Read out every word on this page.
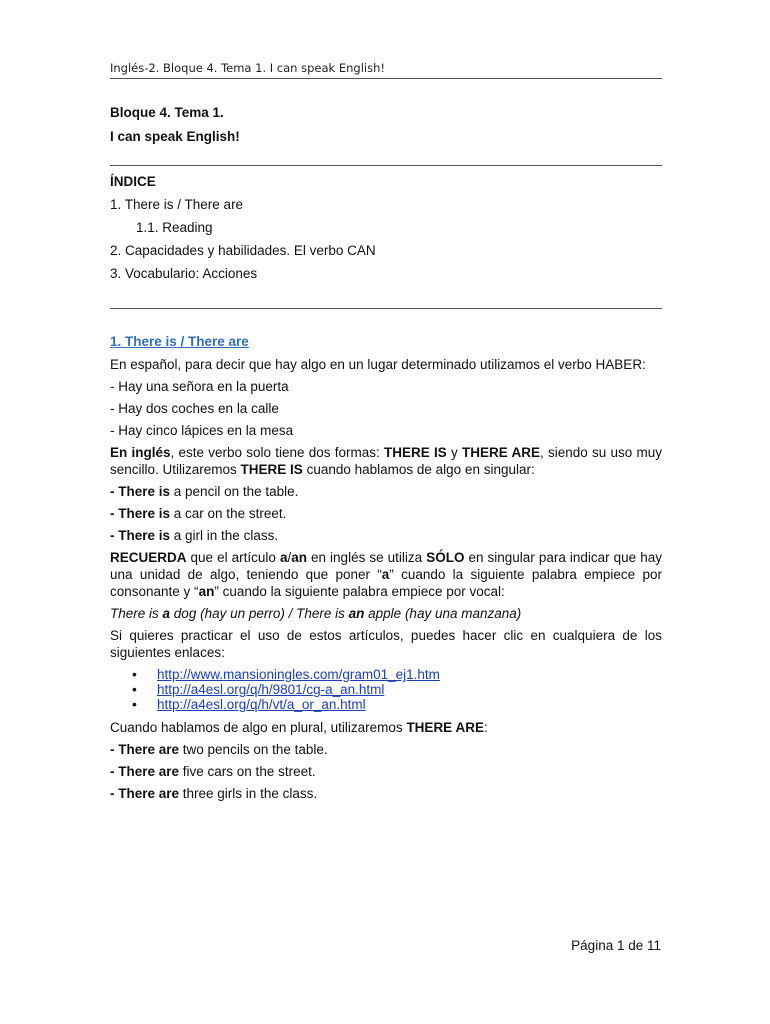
Inglés-2. Bloque 4. Tema 1. I can speak English!
Bloque 4. Tema 1.
I can speak English!
ÍNDICE
1. There is / There are
1.1. Reading
2. Capacidades y habilidades. El verbo CAN
3. Vocabulario: Acciones
1. There is / There are
En español, para decir que hay algo en un lugar determinado utilizamos el verbo HABER:
- Hay una señora en la puerta
- Hay dos coches en la calle
- Hay cinco lápices en la mesa
En inglés, este verbo solo tiene dos formas: THERE IS y THERE ARE, siendo su uso muy sencillo. Utilizaremos THERE IS cuando hablamos de algo en singular:
- There is a pencil on the table.
- There is a car on the street.
- There is a girl in the class.
RECUERDA que el artículo a/an en inglés se utiliza SÓLO en singular para indicar que hay una unidad de algo, teniendo que poner “a” cuando la siguiente palabra empiece por consonante y “an” cuando la siguiente palabra empiece por vocal:
There is a dog (hay un perro) / There is an apple (hay una manzana)
Si quieres practicar el uso de estos artículos, puedes hacer clic en cualquiera de los siguientes enlaces:
• http://www.mansioningles.com/gram01_ej1.htm
• http://a4esl.org/q/h/9801/cg-a_an.html
• http://a4esl.org/q/h/vt/a_or_an.html
Cuando hablamos de algo en plural, utilizaremos THERE ARE:
- There are two pencils on the table.
- There are five cars on the street.
- There are three girls in the class.
Página 1 de 11
